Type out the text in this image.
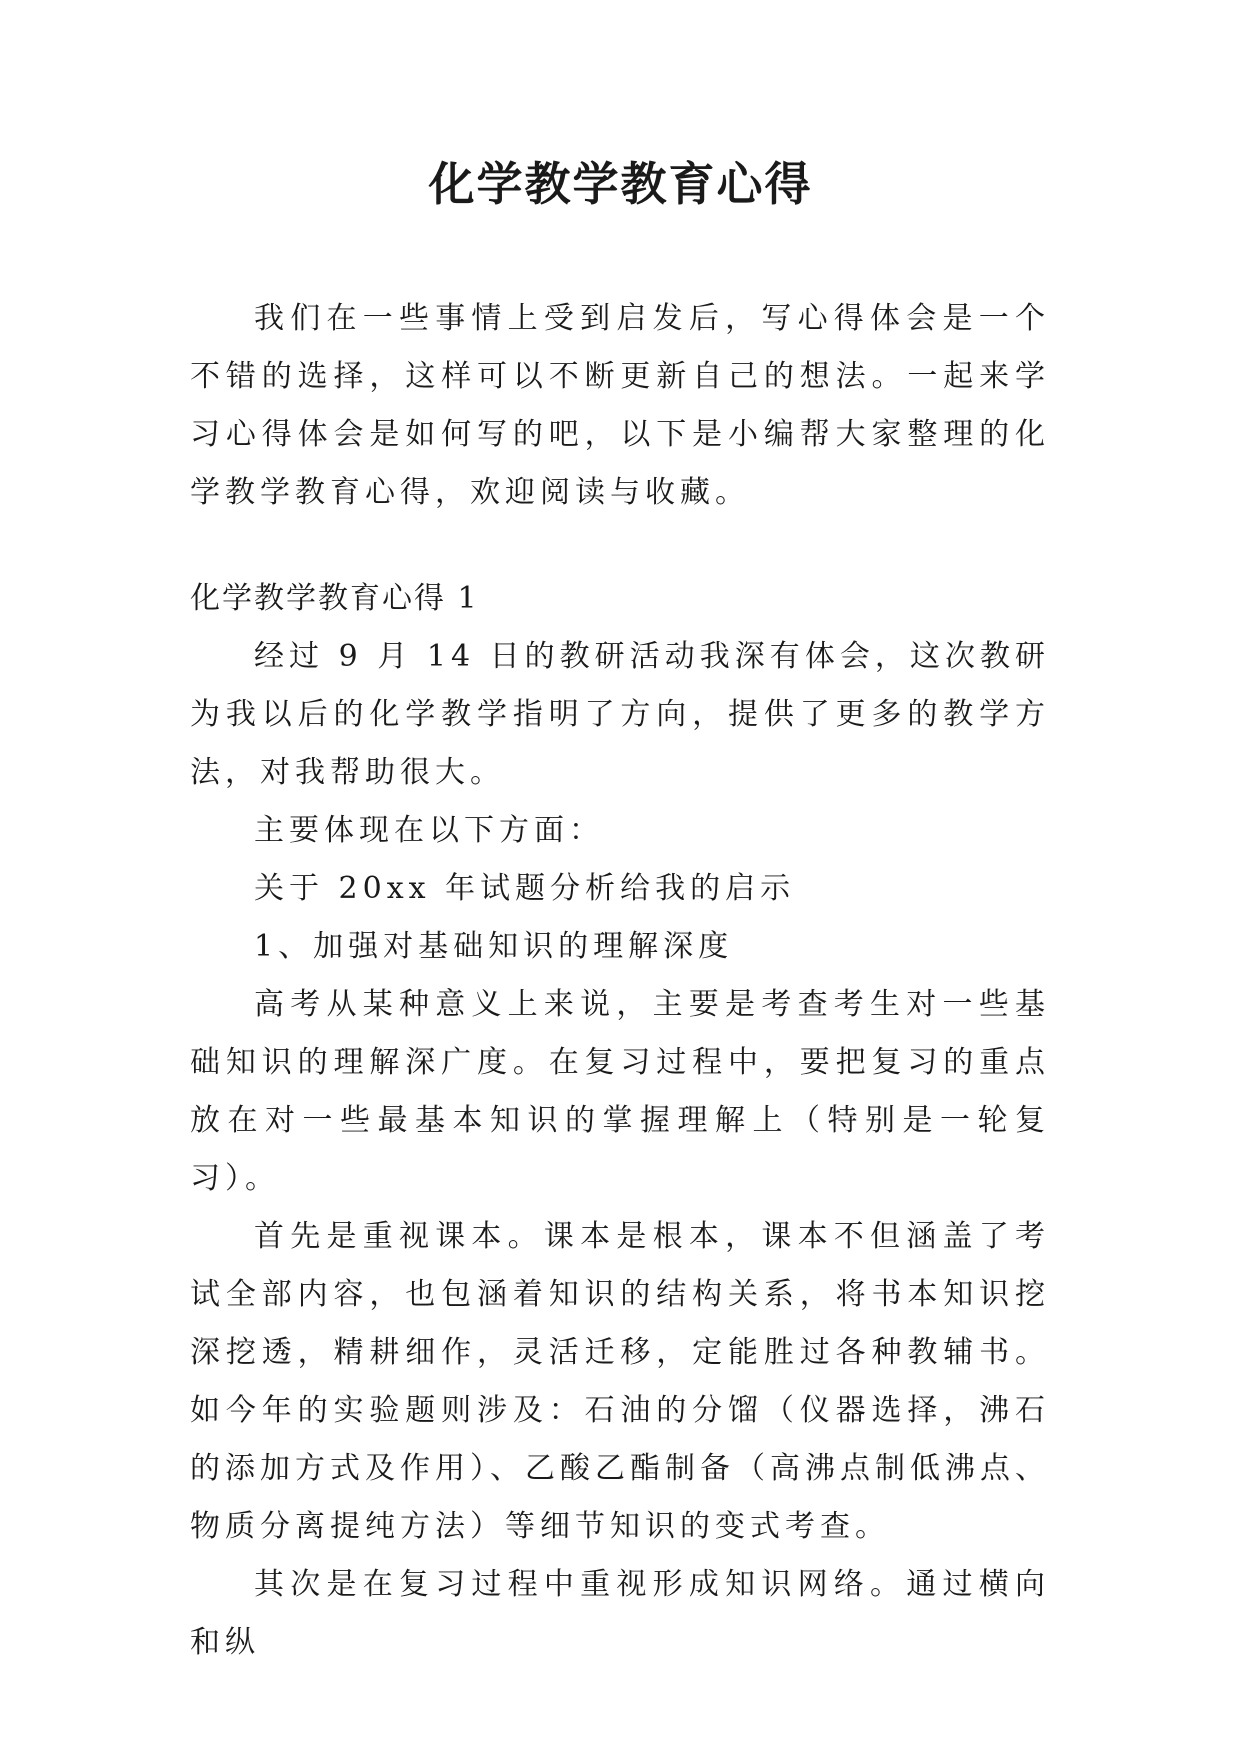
化学教学教育心得

我们在一些事情上受到启发后，写心得体会是一个不错的选择，这样可以不断更新自己的想法。一起来学习心得体会是如何写的吧，以下是小编帮大家整理的化学教学教育心得，欢迎阅读与收藏。

化学教学教育心得 1

经过 9 月 14 日的教研活动我深有体会，这次教研为我以后的化学教学指明了方向，提供了更多的教学方法，对我帮助很大。

主要体现在以下方面：

关于 20xx 年试题分析给我的启示

1、加强对基础知识的理解深度

高考从某种意义上来说，主要是考查考生对一些基础知识的理解深广度。在复习过程中，要把复习的重点放在对一些最基本知识的掌握理解上（特别是一轮复习）。

首先是重视课本。课本是根本，课本不但涵盖了考试全部内容，也包涵着知识的结构关系，将书本知识挖深挖透，精耕细作，灵活迁移，定能胜过各种教辅书。如今年的实验题则涉及：石油的分馏（仪器选择，沸石的添加方式及作用）、乙酸乙酯制备（高沸点制低沸点、物质分离提纯方法）等细节知识的变式考查。

其次是在复习过程中重视形成知识网络。通过横向和纵
